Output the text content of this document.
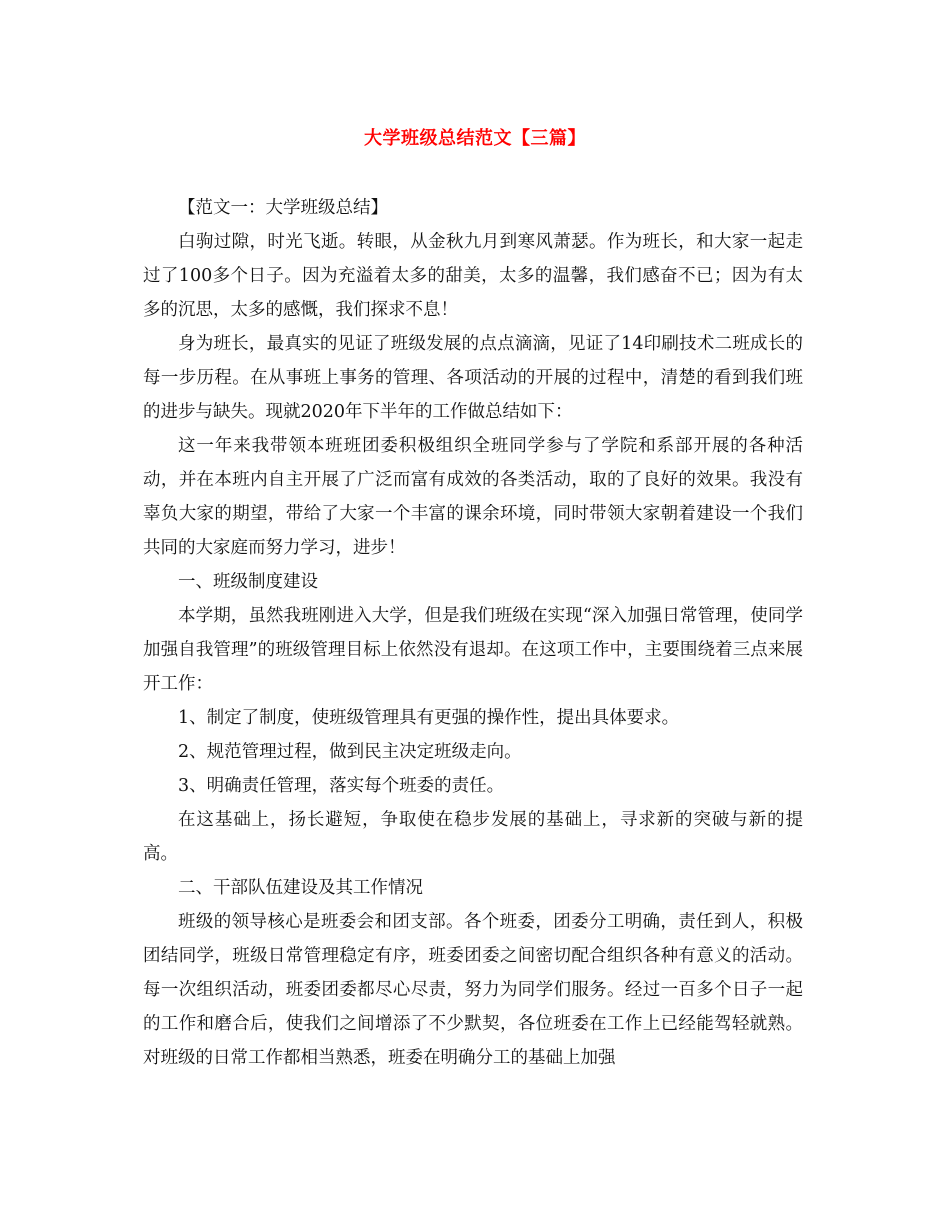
大学班级总结范文【三篇】

【范文一：大学班级总结】

白驹过隙，时光飞逝。转眼，从金秋九月到寒风萧瑟。作为班长，和大家一起走过了100多个日子。因为充溢着太多的甜美，太多的温馨，我们感奋不已；因为有太多的沉思，太多的感慨，我们探求不息！

身为班长，最真实的见证了班级发展的点点滴滴，见证了14印刷技术二班成长的每一步历程。在从事班上事务的管理、各项活动的开展的过程中，清楚的看到我们班的进步与缺失。现就2020年下半年的工作做总结如下：

这一年来我带领本班班团委积极组织全班同学参与了学院和系部开展的各种活动，并在本班内自主开展了广泛而富有成效的各类活动，取的了良好的效果。我没有辜负大家的期望，带给了大家一个丰富的课余环境，同时带领大家朝着建设一个我们共同的大家庭而努力学习，进步！

一、班级制度建设

本学期，虽然我班刚进入大学，但是我们班级在实现“深入加强日常管理，使同学加强自我管理”的班级管理目标上依然没有退却。在这项工作中，主要围绕着三点来展开工作：

1、制定了制度，使班级管理具有更强的操作性，提出具体要求。

2、规范管理过程，做到民主决定班级走向。

3、明确责任管理，落实每个班委的责任。

在这基础上，扬长避短，争取使在稳步发展的基础上，寻求新的突破与新的提高。

二、干部队伍建设及其工作情况

班级的领导核心是班委会和团支部。各个班委，团委分工明确，责任到人，积极团结同学，班级日常管理稳定有序，班委团委之间密切配合组织各种有意义的活动。每一次组织活动，班委团委都尽心尽责，努力为同学们服务。经过一百多个日子一起的工作和磨合后，使我们之间增添了不少默契，各位班委在工作上已经能驾轻就熟。对班级的日常工作都相当熟悉，班委在明确分工的基础上加强
